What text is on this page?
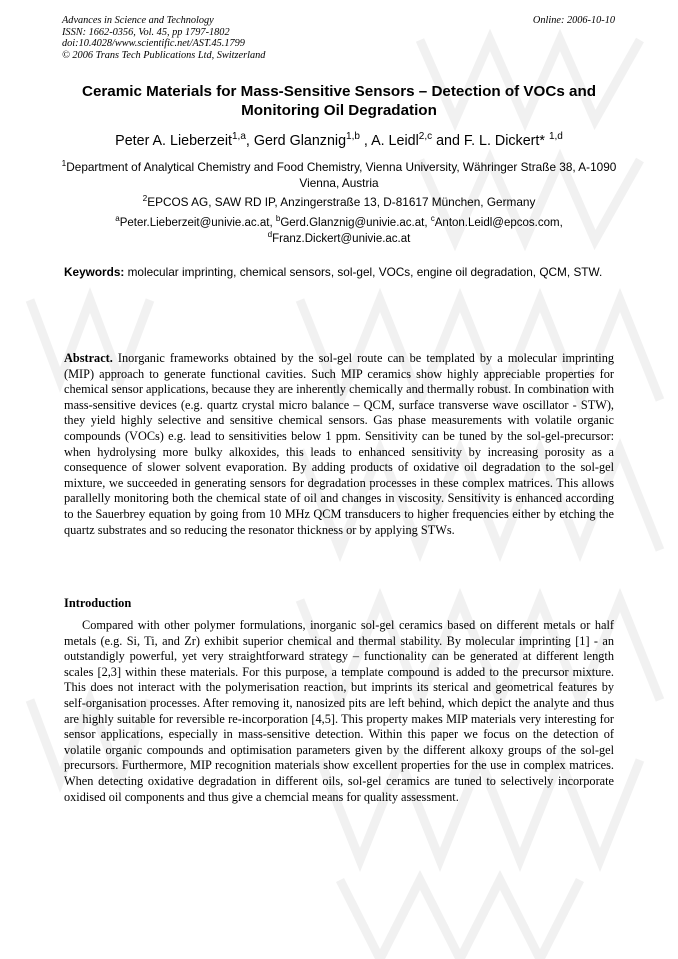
Advances in Science and Technology
ISSN: 1662-0356, Vol. 45, pp 1797-1802
doi:10.4028/www.scientific.net/AST.45.1799
© 2006 Trans Tech Publications Ltd, Switzerland
Online: 2006-10-10
Ceramic Materials for Mass-Sensitive Sensors – Detection of VOCs and Monitoring Oil Degradation
Peter A. Lieberzeit$^{1,a}$, Gerd Glanznig$^{1,b}$ , A. Leidl$^{2,c}$ and F. L. Dickert* $^{1,d}$
$^1$Department of Analytical Chemistry and Food Chemistry, Vienna University, Währinger Straße 38, A-1090 Vienna, Austria
$^2$EPCOS AG, SAW RD IP, Anzingerstraße 13, D-81617 München, Germany
$^a$Peter.Lieberzeit@univie.ac.at, $^b$Gerd.Glanznig@univie.ac.at, $^c$Anton.Leidl@epcos.com, $^d$Franz.Dickert@univie.ac.at
Keywords: molecular imprinting, chemical sensors, sol-gel, VOCs, engine oil degradation, QCM, STW.
Abstract. Inorganic frameworks obtained by the sol-gel route can be templated by a molecular imprinting (MIP) approach to generate functional cavities. Such MIP ceramics show highly appreciable properties for chemical sensor applications, because they are inherently chemically and thermally robust. In combination with mass-sensitive devices (e.g. quartz crystal micro balance – QCM, surface transverse wave oscillator - STW), they yield highly selective and sensitive chemical sensors. Gas phase measurements with volatile organic compounds (VOCs) e.g. lead to sensitivities below 1 ppm. Sensitivity can be tuned by the sol-gel-precursor: when hydrolysing more bulky alkoxides, this leads to enhanced sensitivity by increasing porosity as a consequence of slower solvent evaporation. By adding products of oxidative oil degradation to the sol-gel mixture, we succeeded in generating sensors for degradation processes in these complex matrices. This allows parallelly monitoring both the chemical state of oil and changes in viscosity. Sensitivity is enhanced according to the Sauerbrey equation by going from 10 MHz QCM transducers to higher frequencies either by etching the quartz substrates and so reducing the resonator thickness or by applying STWs.
Introduction
Compared with other polymer formulations, inorganic sol-gel ceramics based on different metals or half metals (e.g. Si, Ti, and Zr) exhibit superior chemical and thermal stability. By molecular imprinting [1] - an outstandigly powerful, yet very straightforward strategy – functionality can be generated at different length scales [2,3] within these materials. For this purpose, a template compound is added to the precursor mixture. This does not interact with the polymerisation reaction, but imprints its sterical and geometrical features by self-organisation processes. After removing it, nanosized pits are left behind, which depict the analyte and thus are highly suitable for reversible re-incorporation [4,5]. This property makes MIP materials very interesting for sensor applications, especially in mass-sensitive detection. Within this paper we focus on the detection of volatile organic compounds and optimisation parameters given by the different alkoxy groups of the sol-gel precursors. Furthermore, MIP recognition materials show excellent properties for the use in complex matrices. When detecting oxidative degradation in different oils, sol-gel ceramics are tuned to selectively incorporate oxidised oil components and thus give a chemcial means for quality assessment.
